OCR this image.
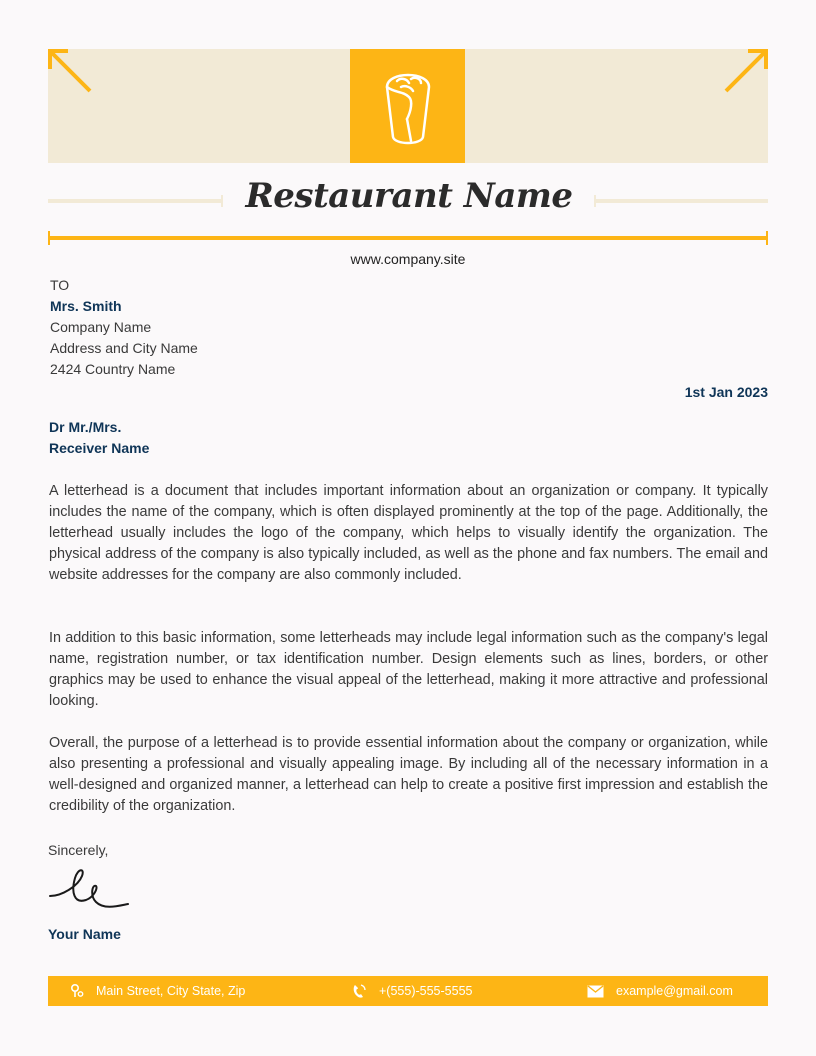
Restaurant Name
www.company.site
TO
Mrs. Smith
Company Name
Address and City Name
2424 Country Name
1st Jan 2023
Dr Mr./Mrs.
Receiver Name

A letterhead is a document that includes important information about an organization or company. It typically includes the name of the company, which is often displayed prominently at the top of the page. Additionally, the letterhead usually includes the logo of the company, which helps to visually identify the organization. The physical address of the company is also typically included, as well as the phone and fax numbers. The email and website addresses for the company are also commonly included.

In addition to this basic information, some letterheads may include legal information such as the company's legal name, registration number, or tax identification number. Design elements such as lines, borders, or other graphics may be used to enhance the visual appeal of the letterhead, making it more attractive and professional looking.

Overall, the purpose of a letterhead is to provide essential information about the company or organization, while also presenting a professional and visually appealing image. By including all of the necessary information in a well-designed and organized manner, a letterhead can help to create a positive first impression and establish the credibility of the organization.

Sincerely,
Your Name
Main Street, City State, Zip	+(555)-555-5555	example@gmail.com
